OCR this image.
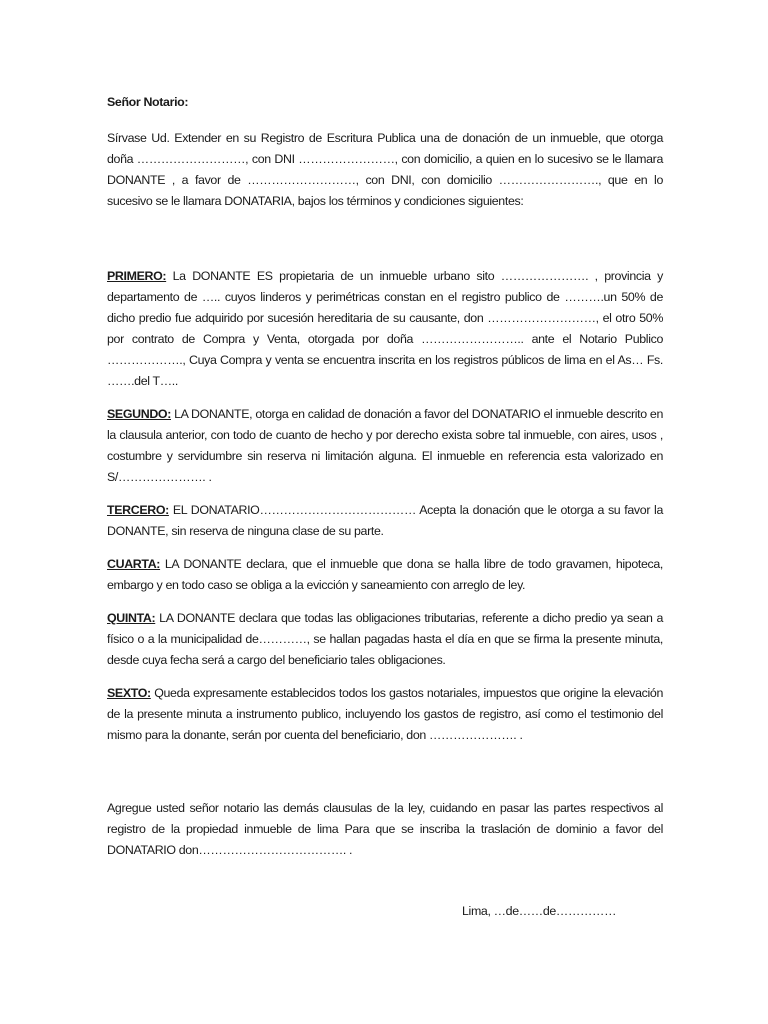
Señor Notario:

Sírvase Ud. Extender en su Registro de Escritura Publica una de donación de un inmueble, que otorga doña ………………………, con DNI ……………………, con domicilio, a quien en lo sucesivo se le llamara DONANTE , a favor de ………………………, con DNI, con domicilio ……………………., que en lo sucesivo se le llamara DONATARIA, bajos los términos y condiciones siguientes:

PRIMERO: La DONANTE ES propietaria de un inmueble urbano sito …………………. , provincia y departamento de ….. cuyos linderos y perimétricas constan en el registro publico de ……….un 50% de dicho predio fue adquirido por sucesión hereditaria de su causante, don ………………………, el otro 50% por contrato de Compra y Venta, otorgada por doña …………………….. ante el Notario Publico ………………., Cuya Compra y venta se encuentra inscrita en los registros públicos de lima en el As… Fs. …….del T…..

SEGUNDO: LA DONANTE, otorga en calidad de donación a favor del DONATARIO el inmueble descrito en la clausula anterior, con todo de cuanto de hecho y por derecho exista sobre tal inmueble, con aires, usos , costumbre y servidumbre sin reserva ni limitación alguna. El inmueble en referencia esta valorizado en S/…………………. .

TERCERO: EL DONATARIO………………………………… Acepta la donación que le otorga a su favor la DONANTE, sin reserva de ninguna clase de su parte.

CUARTA: LA DONANTE declara, que el inmueble que dona se halla libre de todo gravamen, hipoteca, embargo y en todo caso se obliga a la evicción y saneamiento con arreglo de ley.

QUINTA: LA DONANTE declara que todas las obligaciones tributarias, referente a dicho predio ya sean a físico o a la municipalidad de…………, se hallan pagadas hasta el día en que se firma la presente minuta, desde cuya fecha será a cargo del beneficiario tales obligaciones.

SEXTO: Queda expresamente establecidos todos los gastos notariales, impuestos que origine la elevación de la presente minuta a instrumento publico, incluyendo los gastos de registro, así como el testimonio del mismo para la donante, serán por cuenta del beneficiario, don …………………. .

Agregue usted señor notario las demás clausulas de la ley, cuidando en pasar las partes respectivos al registro de la propiedad inmueble de lima Para que se inscriba la traslación de dominio a favor del DONATARIO don………………………………. .

Lima, …de……de……………
